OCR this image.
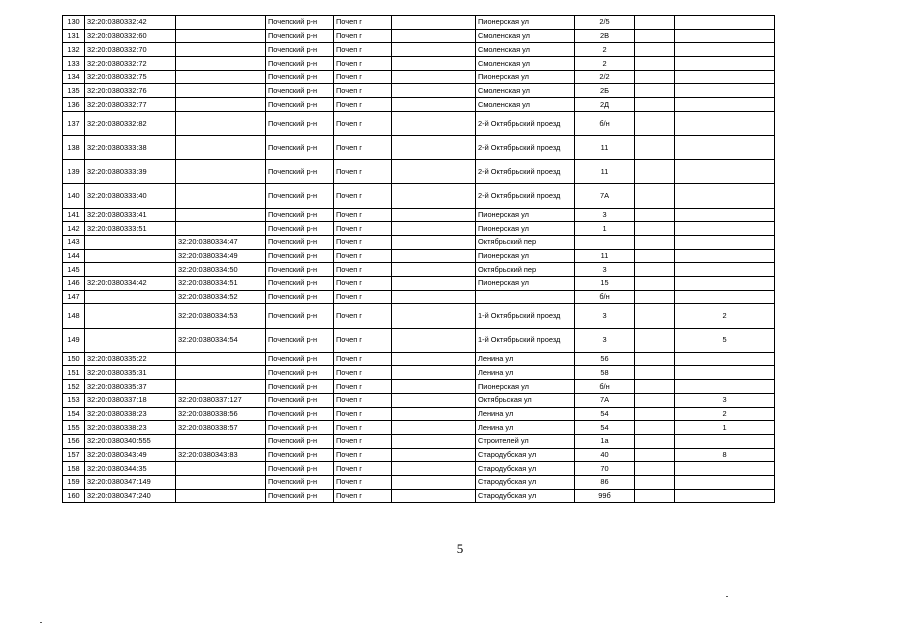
130	32:20:0380332:42		Почепский р-н	Почеп г		Пионерская ул	2/5		
131	32:20:0380332:60		Почепский р-н	Почеп г		Смоленская ул	2В		
132	32:20:0380332:70		Почепский р-н	Почеп г		Смоленская ул	2		
133	32:20:0380332:72		Почепский р-н	Почеп г		Смоленская ул	2		
134	32:20:0380332:75		Почепский р-н	Почеп г		Пионерская ул	2/2		
135	32:20:0380332:76		Почепский р-н	Почеп г		Смоленская ул	2Б		
136	32:20:0380332:77		Почепский р-н	Почеп г		Смоленская ул	2Д		
137	32:20:0380332:82		Почепский р-н	Почеп г		2-й Октябрьский проезд	б/н		
138	32:20:0380333:38		Почепский р-н	Почеп г		2-й Октябрьский проезд	11		
139	32:20:0380333:39		Почепский р-н	Почеп г		2-й Октябрьский проезд	11		
140	32:20:0380333:40		Почепский р-н	Почеп г		2-й Октябрьский проезд	7А		
141	32:20:0380333:41		Почепский р-н	Почеп г		Пионерская ул	3		
142	32:20:0380333:51		Почепский р-н	Почеп г		Пионерская ул	1		
143		32:20:0380334:47	Почепский р-н	Почеп г		Октябрьский пер			
144		32:20:0380334:49	Почепский р-н	Почеп г		Пионерская ул	11		
145		32:20:0380334:50	Почепский р-н	Почеп г		Октябрьский пер	3		
146	32:20:0380334:42	32:20:0380334:51	Почепский р-н	Почеп г		Пионерская ул	15		
147		32:20:0380334:52	Почепский р-н	Почеп г			б/н		
148		32:20:0380334:53	Почепский р-н	Почеп г		1-й Октябрьский проезд	3		2
149		32:20:0380334:54	Почепский р-н	Почеп г		1-й Октябрьский проезд	3		5
150	32:20:0380335:22		Почепский р-н	Почеп г		Ленина ул	56		
151	32:20:0380335:31		Почепский р-н	Почеп г		Ленина ул	58		
152	32:20:0380335:37		Почепский р-н	Почеп г		Пионерская ул	б/н		
153	32:20:0380337:18	32:20:0380337:127	Почепский р-н	Почеп г		Октябрьская ул	7А		3
154	32:20:0380338:23	32:20:0380338:56	Почепский р-н	Почеп г		Ленина ул	54		2
155	32:20:0380338:23	32:20:0380338:57	Почепский р-н	Почеп г		Ленина ул	54		1
156	32:20:0380340:555		Почепский р-н	Почеп г		Строителей ул	1а		
157	32:20:0380343:49	32:20:0380343:83	Почепский р-н	Почеп г		Стародубская ул	40		8
158	32:20:0380344:35		Почепский р-н	Почеп г		Стародубская ул	70		
159	32:20:0380347:149		Почепский р-н	Почеп г		Стародубская ул	86		
160	32:20:0380347:240		Почепский р-н	Почеп г		Стародубская ул	99б		
5
